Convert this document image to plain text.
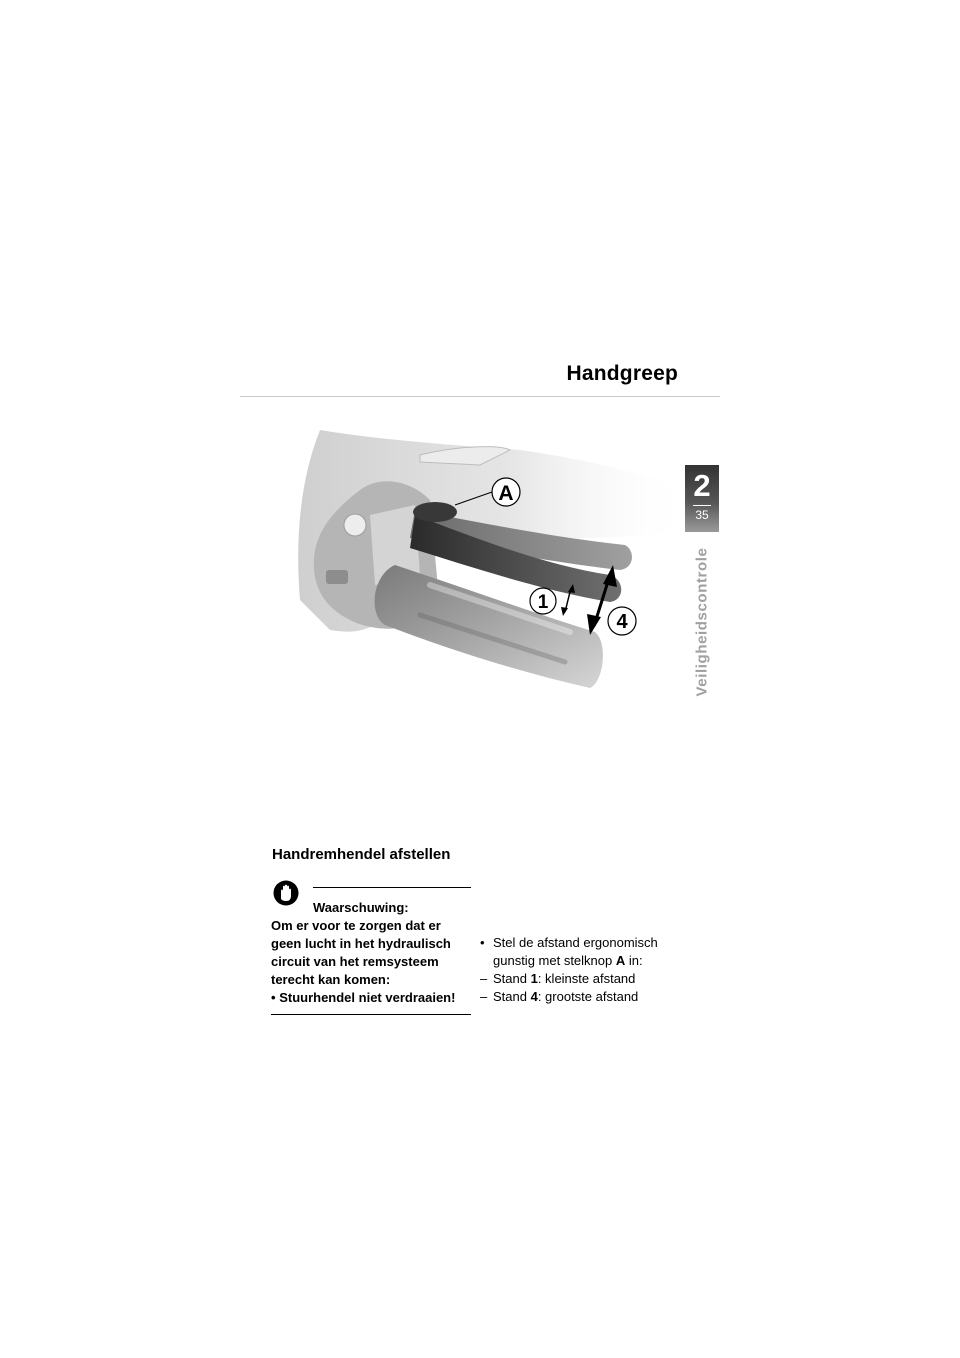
Handgreep
2
35
Veiligheidscontrole
A
1
4
Handremhendel afstellen
Waarschuwing:
Om er voor te zorgen dat er
geen lucht in het hydraulisch
circuit van het remsysteem
terecht kan komen:
• Stuurhendel niet verdraaien!
• Stel de afstand ergonomisch
gunstig met stelknop A in:
– Stand 1: kleinste afstand
– Stand 4: grootste afstand
